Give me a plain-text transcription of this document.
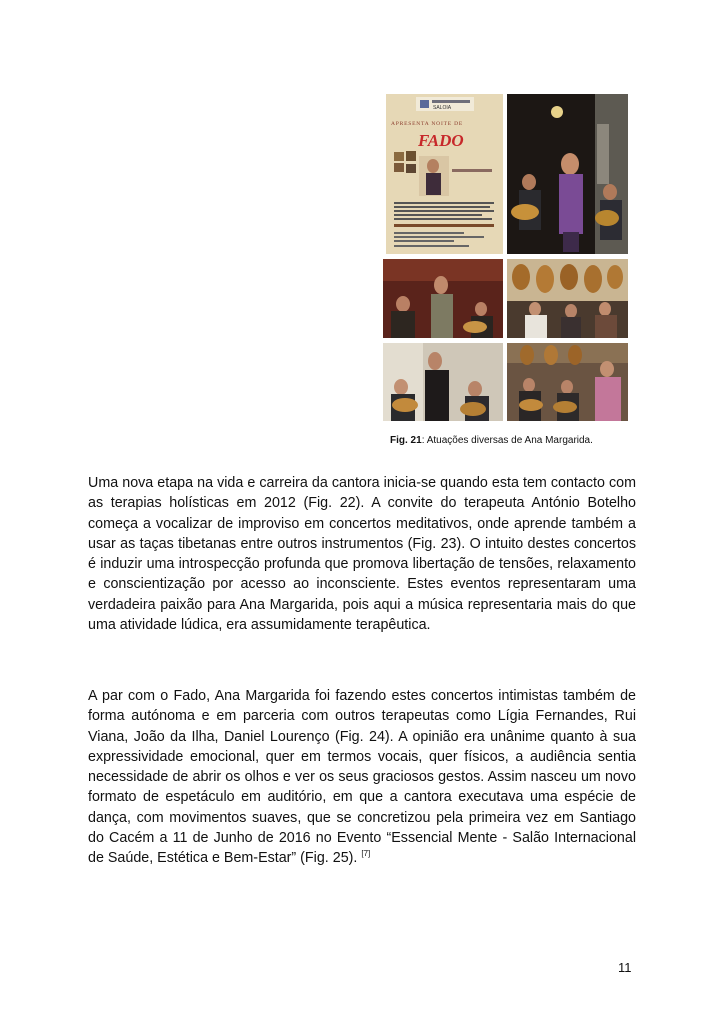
SALOIA
APRESENTA NOITE DE
FADO
Fig. 21: Atuações diversas de Ana Margarida.

Uma nova etapa na vida e carreira da cantora inicia-se quando esta tem contacto com as terapias holísticas em 2012 (Fig. 22). A convite do terapeuta António Botelho começa a vocalizar de improviso em concertos meditativos, onde aprende também a usar as taças tibetanas entre outros instrumentos (Fig. 23). O intuito destes concertos é induzir uma introspecção profunda que promova libertação de tensões, relaxamento e conscientização por acesso ao inconsciente. Estes eventos representaram uma verdadeira paixão para Ana Margarida, pois aqui a música representaria mais do que uma atividade lúdica, era assumidamente terapêutica.

A par com o Fado, Ana Margarida foi fazendo estes concertos intimistas também de forma autónoma e em parceria com outros terapeutas como Lígia Fernandes, Rui Viana, João da Ilha, Daniel Lourenço (Fig. 24). A opinião era unânime quanto à sua expressividade emocional, quer em termos vocais, quer físicos, a audiência sentia necessidade de abrir os olhos e ver os seus graciosos gestos. Assim nasceu um novo formato de espetáculo em auditório, em que a cantora executava uma espécie de dança, com movimentos suaves, que se concretizou pela primeira vez em Santiago do Cacém a 11 de Junho de 2016 no Evento “Essencial Mente - Salão Internacional de Saúde, Estética e Bem-Estar” (Fig. 25). [7]

11
